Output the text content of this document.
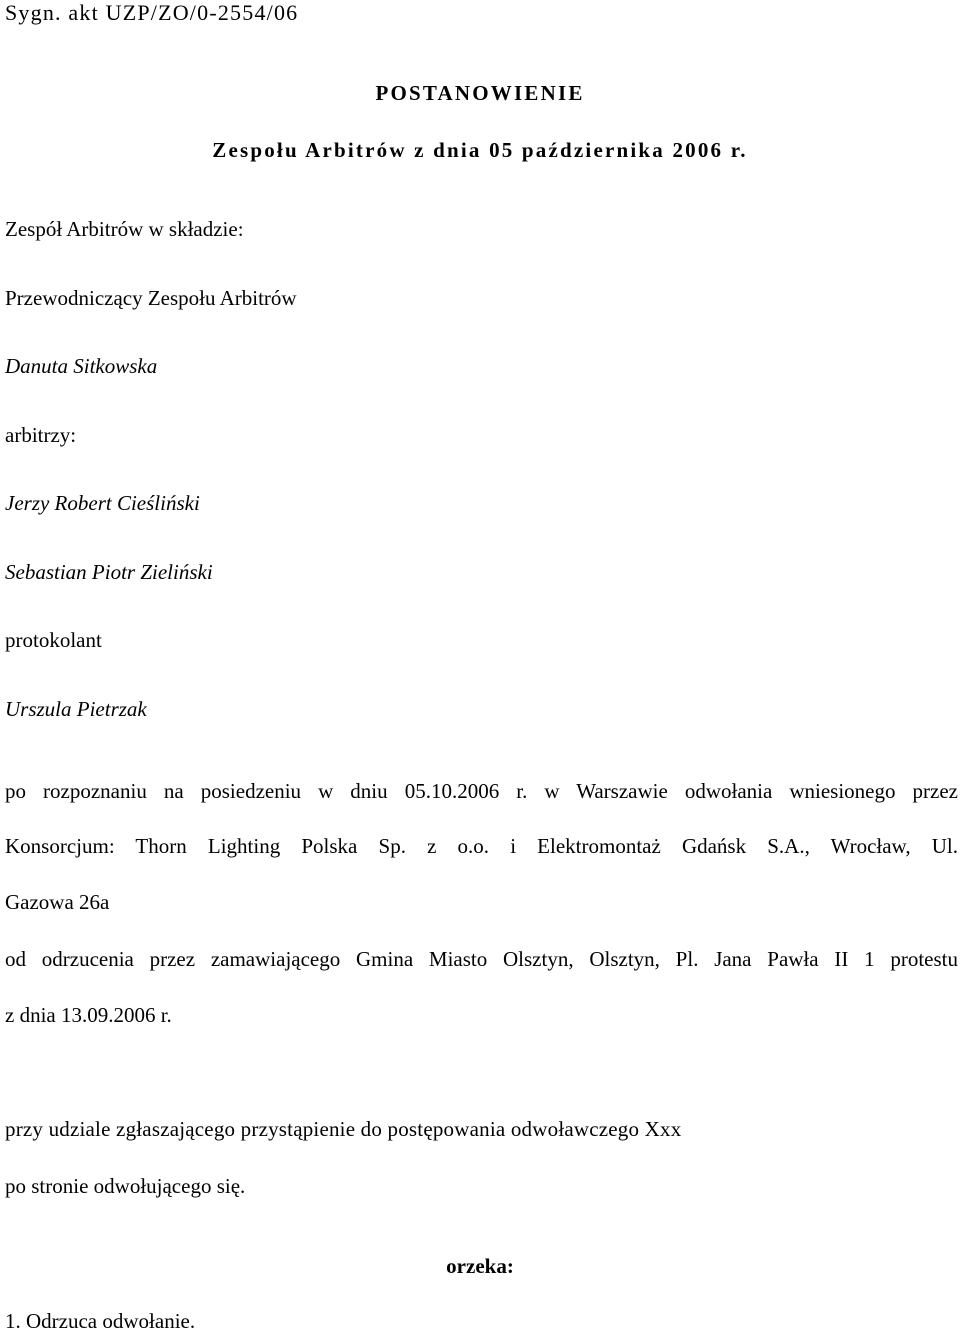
Sygn. akt UZP/ZO/0-2554/06
POSTANOWIENIE
Zespołu Arbitrów z dnia 05 października 2006 r.
Zespół Arbitrów w składzie:
Przewodniczący Zespołu Arbitrów
Danuta Sitkowska
arbitrzy:
Jerzy Robert Cieśliński
Sebastian Piotr Zieliński
protokolant
Urszula Pietrzak
po rozpoznaniu na posiedzeniu w dniu 05.10.2006 r. w Warszawie odwołania wniesionego przez
Konsorcjum: Thorn Lighting Polska Sp. z o.o. i Elektromontaż Gdańsk S.A., Wrocław, Ul.
Gazowa 26a
od odrzucenia przez zamawiającego Gmina Miasto Olsztyn, Olsztyn, Pl. Jana Pawła II 1 protestu
z dnia 13.09.2006 r.
przy udziale zgłaszającego przystąpienie do postępowania odwoławczego Xxx
po stronie odwołującego się.
orzeka:
1. Odrzuca odwołanie.
